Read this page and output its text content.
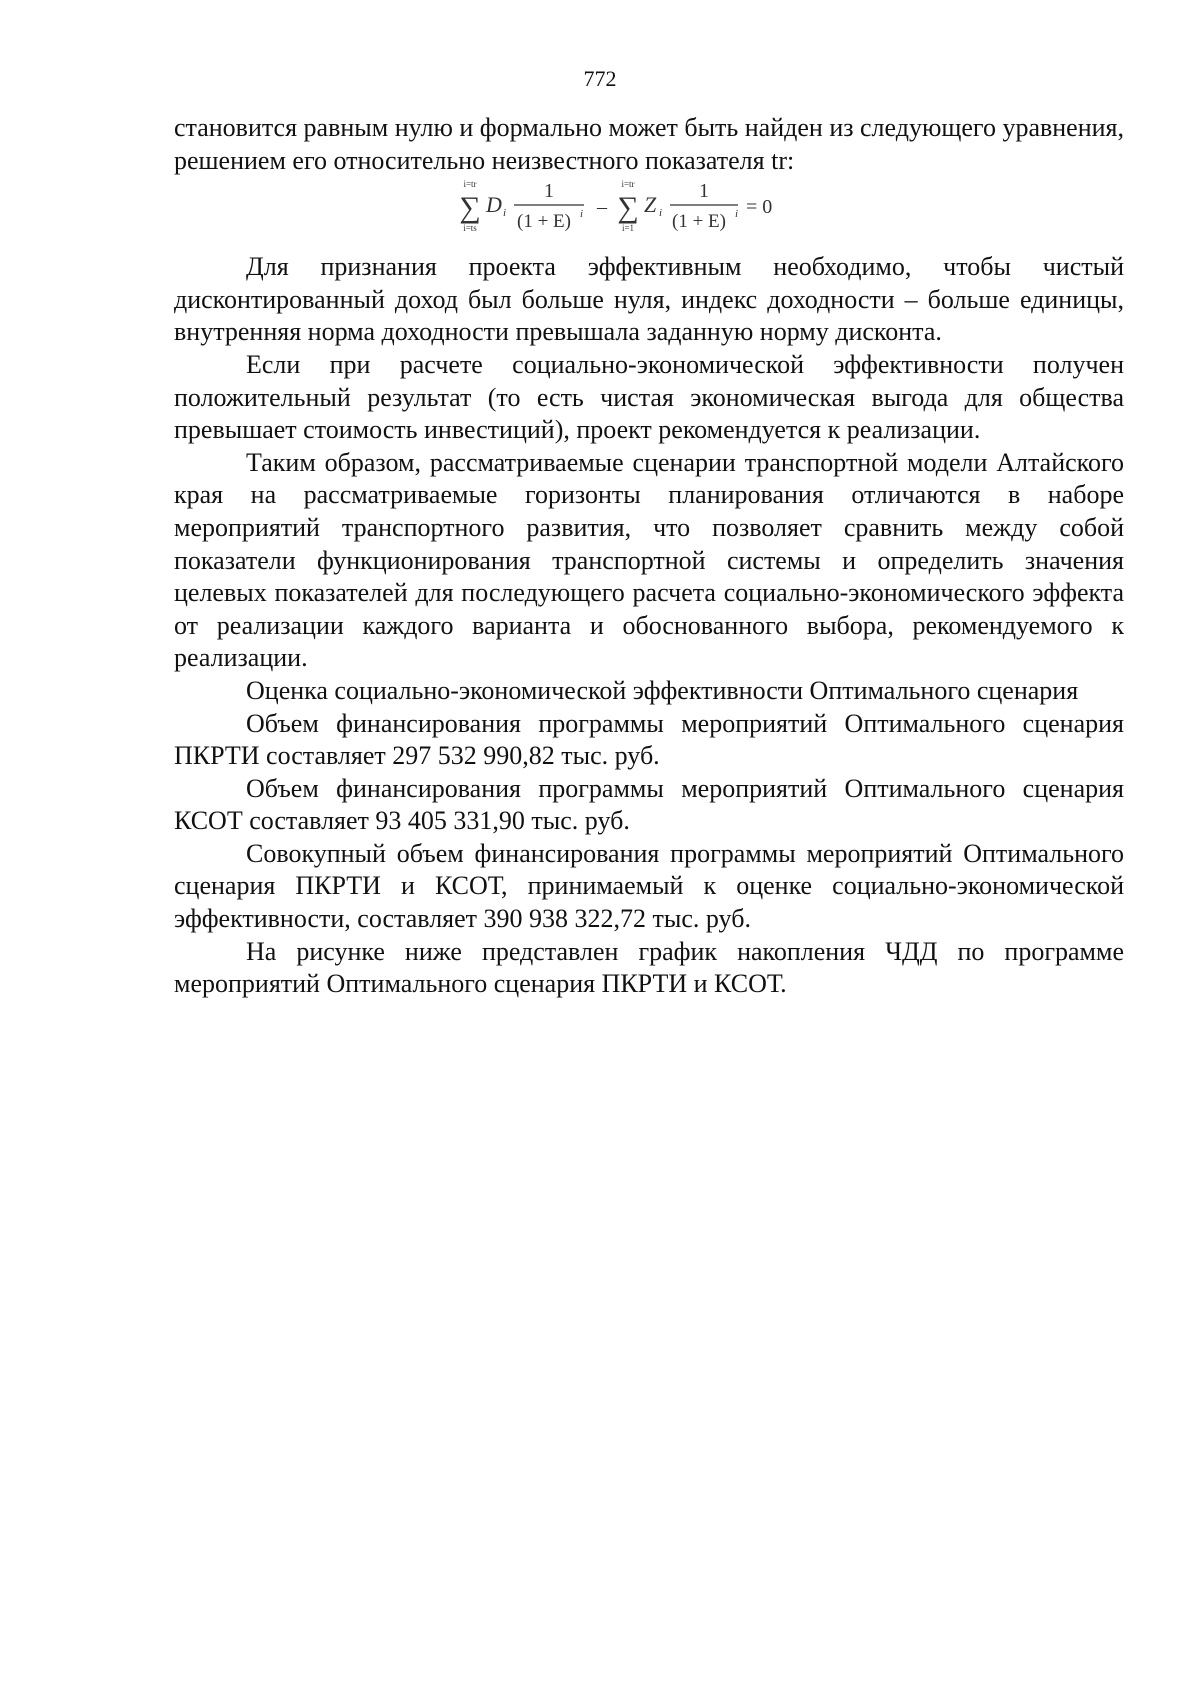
772

становится равным нулю и формально может быть найден из следующего уравнения, решением его относительно неизвестного показателя tr:

i=tr
∑
i=ts
D i
1
(1 + E) i –
i=tr
∑
i=1
Z i
1
(1 + E) i = 0

Для признания проекта эффективным необходимо, чтобы чистый дисконтированный доход был больше нуля, индекс доходности – больше единицы, внутренняя норма доходности превышала заданную норму дисконта.

Если при расчете социально-экономической эффективности получен положительный результат (то есть чистая экономическая выгода для общества превышает стоимость инвестиций), проект рекомендуется к реализации.

Таким образом, рассматриваемые сценарии транспортной модели Алтайского края на рассматриваемые горизонты планирования отличаются в наборе мероприятий транспортного развития, что позволяет сравнить между собой показатели функционирования транспортной системы и определить значения целевых показателей для последующего расчета социально-экономического эффекта от реализации каждого варианта и обоснованного выбора, рекомендуемого к реализации.

Оценка социально-экономической эффективности Оптимального сценария

Объем финансирования программы мероприятий Оптимального сценария ПКРТИ составляет 297 532 990,82 тыс. руб.

Объем финансирования программы мероприятий Оптимального сценария КСОТ составляет 93 405 331,90 тыс. руб.

Совокупный объем финансирования программы мероприятий Оптимального сценария ПКРТИ и КСОТ, принимаемый к оценке социально-экономической эффективности, составляет 390 938 322,72 тыс. руб.

На рисунке ниже представлен график накопления ЧДД по программе мероприятий Оптимального сценария ПКРТИ и КСОТ.
